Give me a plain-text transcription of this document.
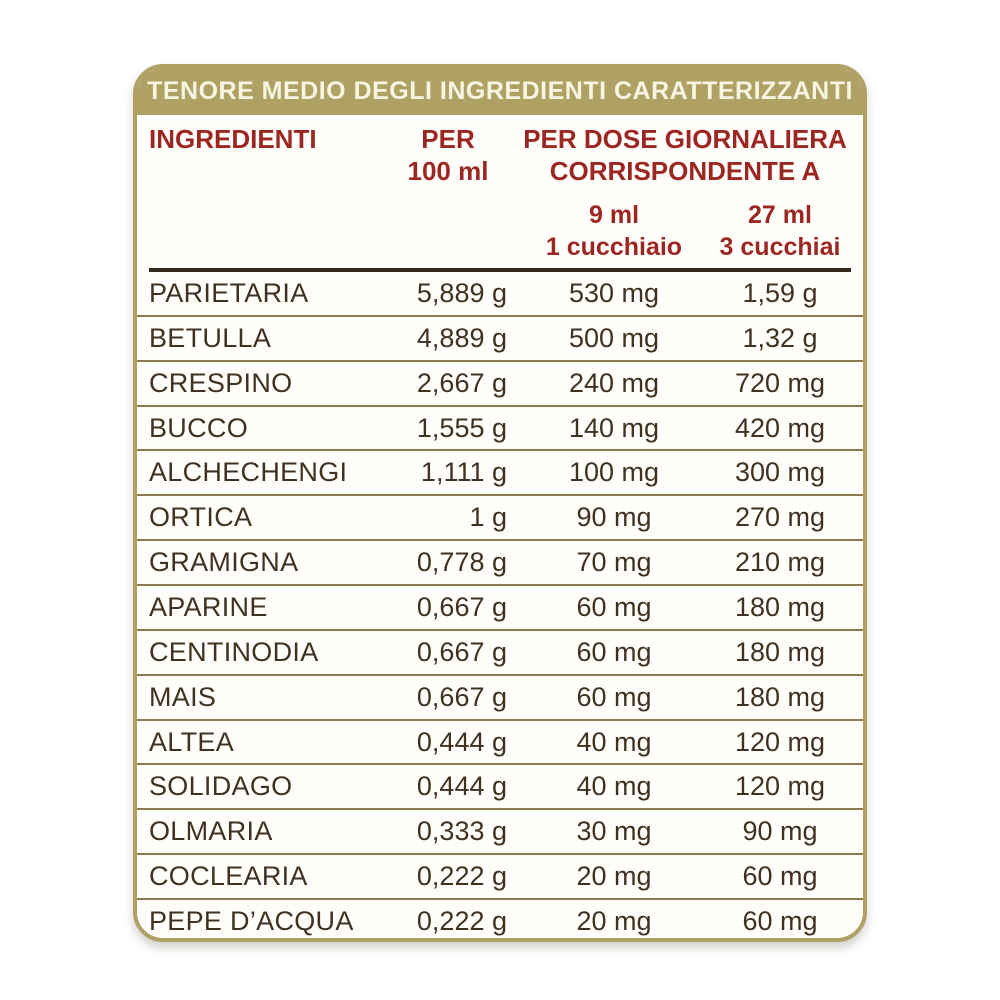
TENORE MEDIO DEGLI INGREDIENTI CARATTERIZZANTI
INGREDIENTI	PER	PER DOSE GIORNALIERA
100 ml	CORRISPONDENTE A
9 ml	27 ml
1 cucchiaio	3 cucchiai
PARIETARIA	5,889 g	530 mg	1,59 g
BETULLA	4,889 g	500 mg	1,32 g
CRESPINO	2,667 g	240 mg	720 mg
BUCCO	1,555 g	140 mg	420 mg
ALCHECHENGI	1,111 g	100 mg	300 mg
ORTICA	1 g	90 mg	270 mg
GRAMIGNA	0,778 g	70 mg	210 mg
APARINE	0,667 g	60 mg	180 mg
CENTINODIA	0,667 g	60 mg	180 mg
MAIS	0,667 g	60 mg	180 mg
ALTEA	0,444 g	40 mg	120 mg
SOLIDAGO	0,444 g	40 mg	120 mg
OLMARIA	0,333 g	30 mg	90 mg
COCLEARIA	0,222 g	20 mg	60 mg
PEPE D’ACQUA	0,222 g	20 mg	60 mg
